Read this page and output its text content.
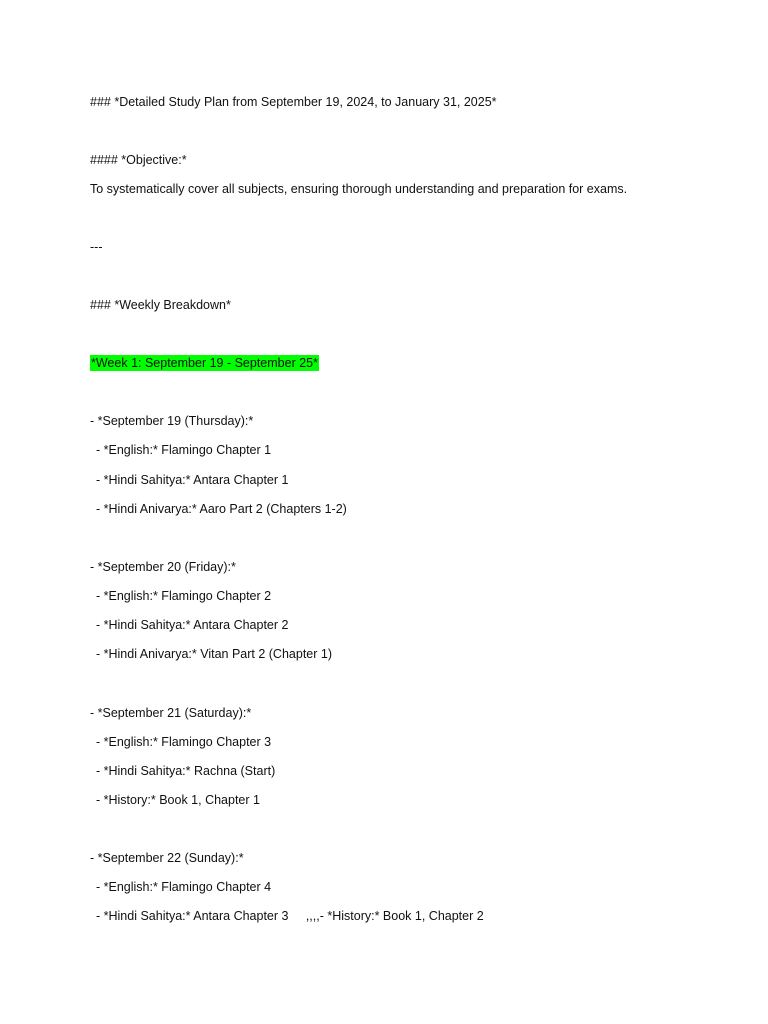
### *Detailed Study Plan from September 19, 2024, to January 31, 2025*
#### *Objective:*
To systematically cover all subjects, ensuring thorough understanding and preparation for exams.
---
### *Weekly Breakdown*
*Week 1: September 19 - September 25*
- *September 19 (Thursday):*
- *English:* Flamingo Chapter 1
- *Hindi Sahitya:* Antara Chapter 1
- *Hindi Anivarya:* Aaro Part 2 (Chapters 1-2)
- *September 20 (Friday):*
- *English:* Flamingo Chapter 2
- *Hindi Sahitya:* Antara Chapter 2
- *Hindi Anivarya:* Vitan Part 2 (Chapter 1)
- *September 21 (Saturday):*
- *English:* Flamingo Chapter 3
- *Hindi Sahitya:* Rachna (Start)
- *History:* Book 1, Chapter 1
- *September 22 (Sunday):*
- *English:* Flamingo Chapter 4
- *Hindi Sahitya:* Antara Chapter 3     ,,,,- *History:* Book 1, Chapter 2
